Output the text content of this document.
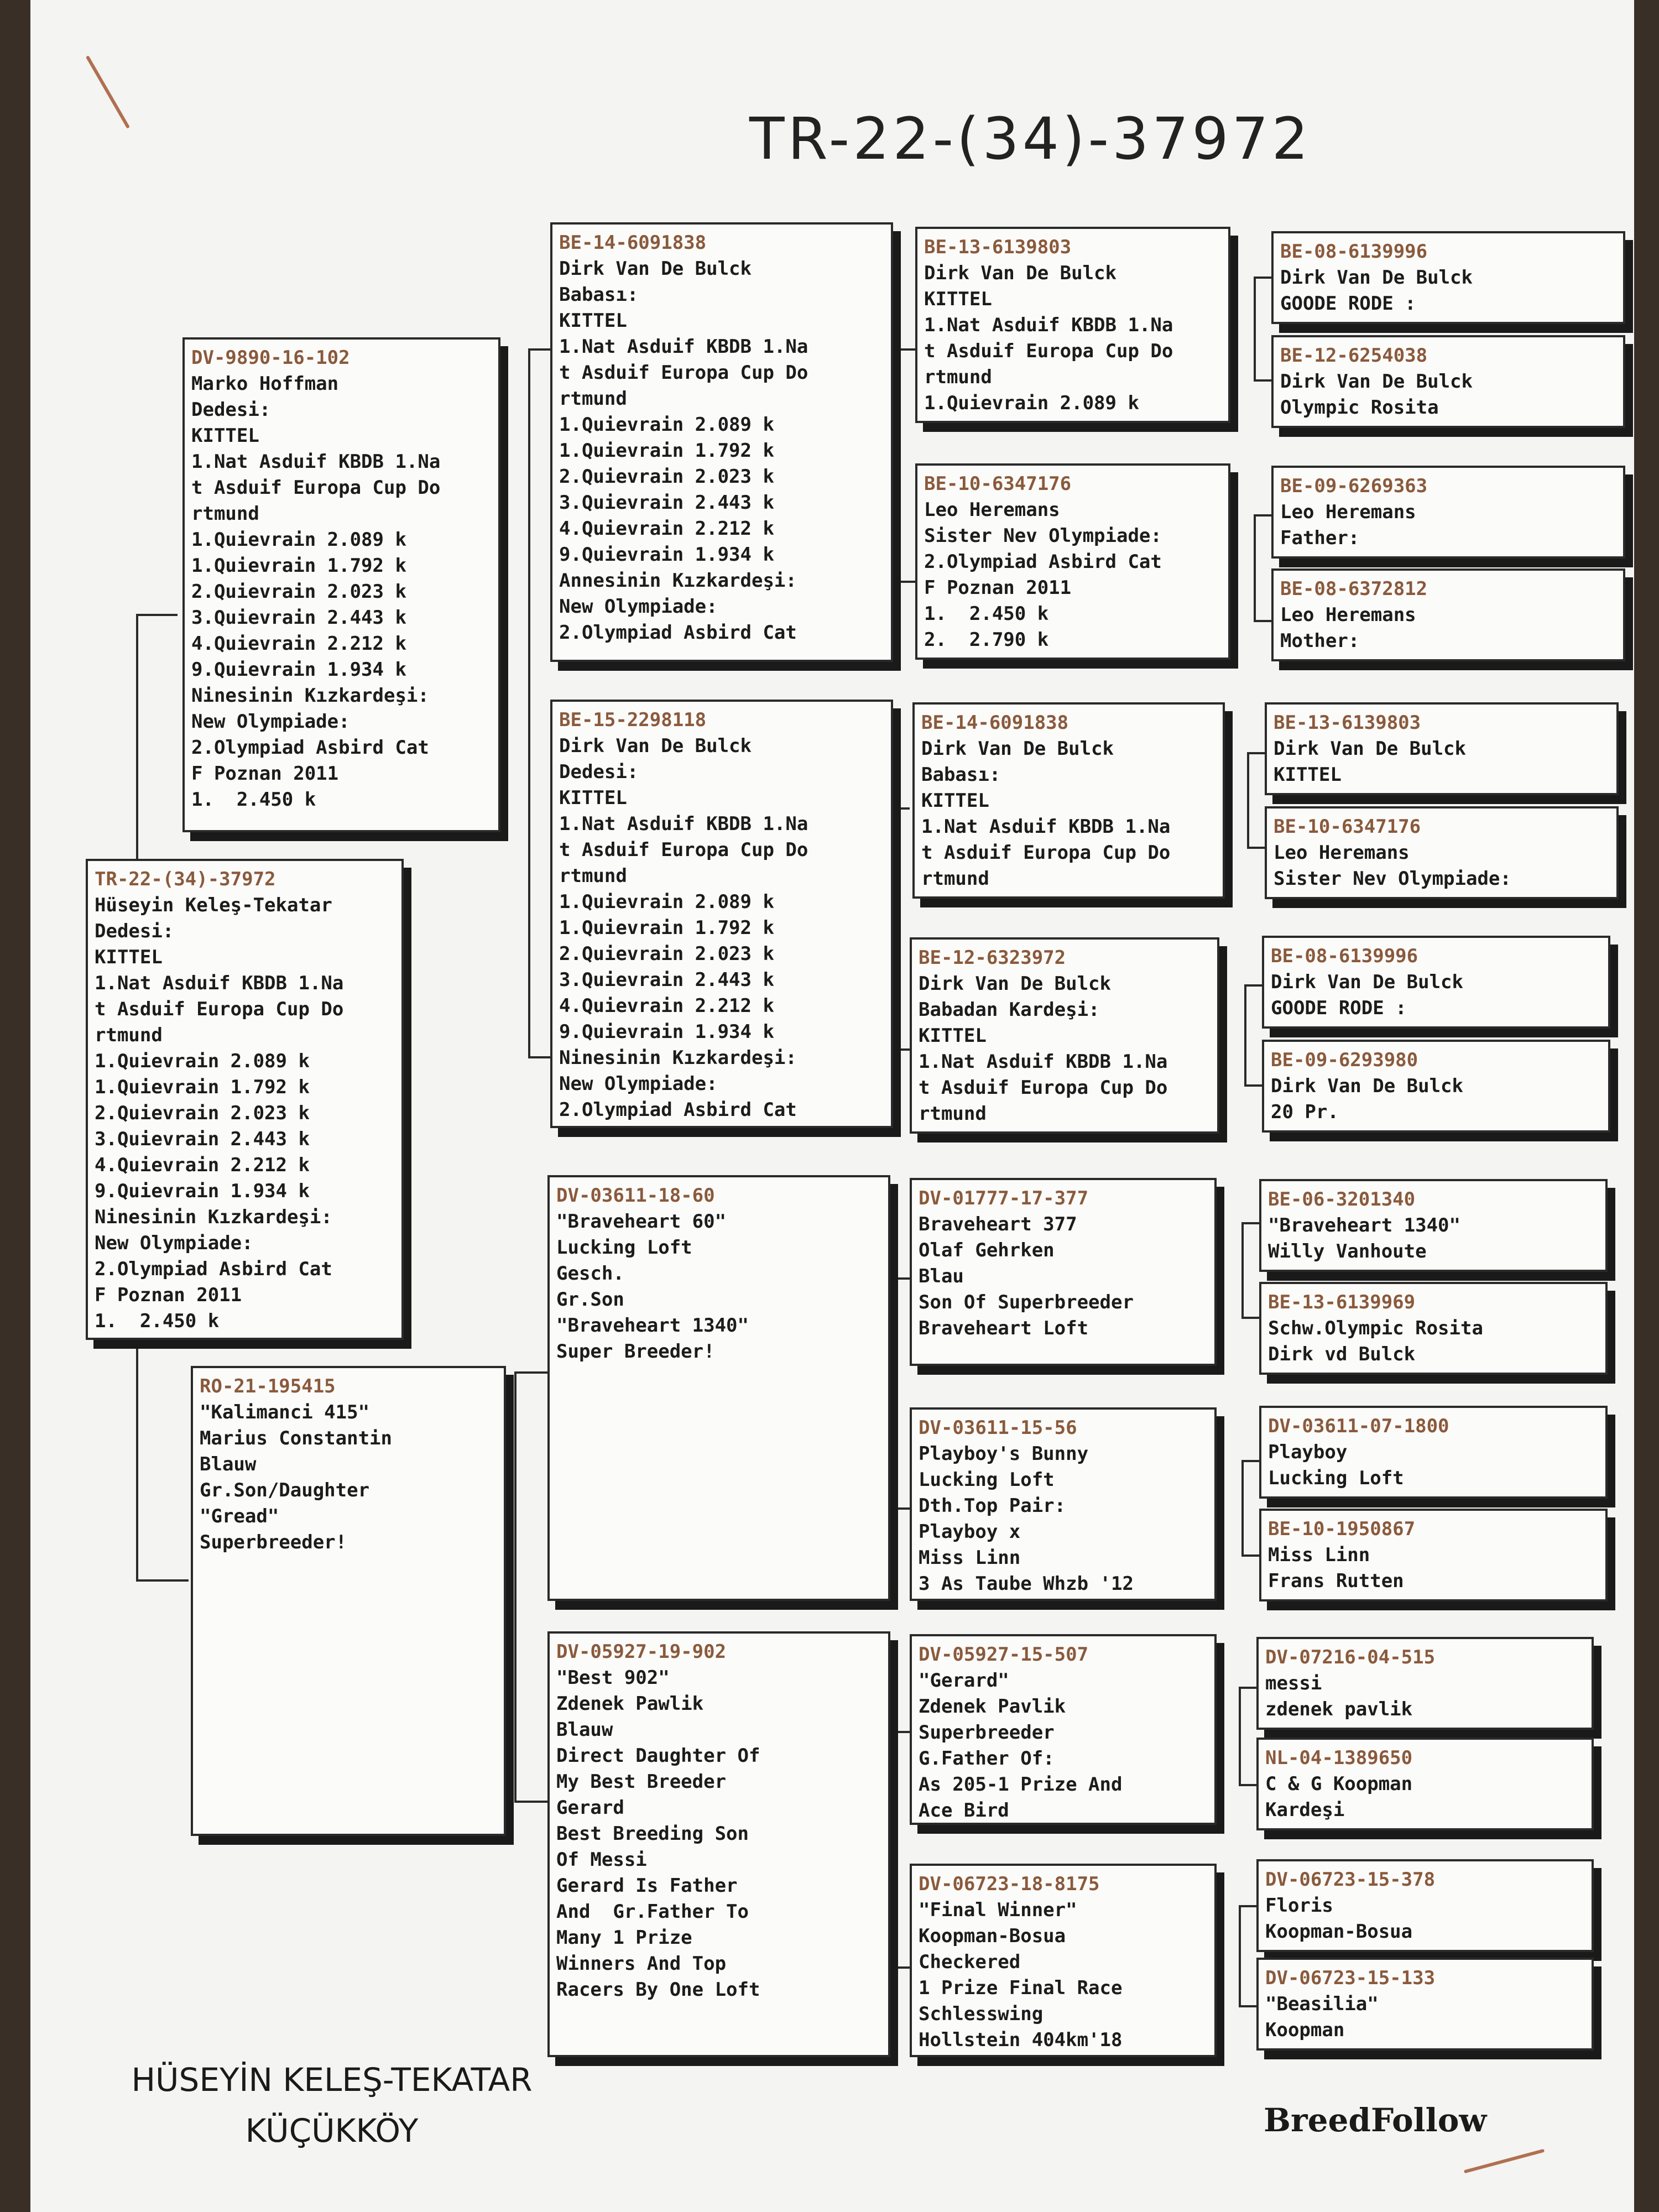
TR-22-(34)-37972
TR-22-(34)-37972
Hüseyin Keleş-Tekatar
Dedesi:
KITTEL
1.Nat Asduif KBDB 1.Na
t Asduif Europa Cup Do
rtmund
1.Quievrain 2.089 k
1.Quievrain 1.792 k
2.Quievrain 2.023 k
3.Quievrain 2.443 k
4.Quievrain 2.212 k
9.Quievrain 1.934 k
Ninesinin Kızkardeşi:
New Olympiade:
2.Olympiad Asbird Cat
F Poznan 2011
1.  2.450 k
DV-9890-16-102
Marko Hoffman
Dedesi:
KITTEL
1.Nat Asduif KBDB 1.Na
t Asduif Europa Cup Do
rtmund
1.Quievrain 2.089 k
1.Quievrain 1.792 k
2.Quievrain 2.023 k
3.Quievrain 2.443 k
4.Quievrain 2.212 k
9.Quievrain 1.934 k
Ninesinin Kızkardeşi:
New Olympiade:
2.Olympiad Asbird Cat
F Poznan 2011
1.  2.450 k
RO-21-195415
"Kalimanci 415"
Marius Constantin
Blauw
Gr.Son/Daughter
"Gread"
Superbreeder!
BE-14-6091838
Dirk Van De Bulck
Babası:
KITTEL
1.Nat Asduif KBDB 1.Na
t Asduif Europa Cup Do
rtmund
1.Quievrain 2.089 k
1.Quievrain 1.792 k
2.Quievrain 2.023 k
3.Quievrain 2.443 k
4.Quievrain 2.212 k
9.Quievrain 1.934 k
Annesinin Kızkardeşi:
New Olympiade:
2.Olympiad Asbird Cat
BE-15-2298118
Dirk Van De Bulck
Dedesi:
KITTEL
1.Nat Asduif KBDB 1.Na
t Asduif Europa Cup Do
rtmund
1.Quievrain 2.089 k
1.Quievrain 1.792 k
2.Quievrain 2.023 k
3.Quievrain 2.443 k
4.Quievrain 2.212 k
9.Quievrain 1.934 k
Ninesinin Kızkardeşi:
New Olympiade:
2.Olympiad Asbird Cat
DV-03611-18-60
"Braveheart 60"
Lucking Loft
Gesch.
Gr.Son
"Braveheart 1340"
Super Breeder!
DV-05927-19-902
"Best 902"
Zdenek Pawlik
Blauw
Direct Daughter Of
My Best Breeder
Gerard
Best Breeding Son
Of Messi
Gerard Is Father
And  Gr.Father To
Many 1 Prize
Winners And Top
Racers By One Loft
BE-13-6139803
Dirk Van De Bulck
KITTEL
1.Nat Asduif KBDB 1.Na
t Asduif Europa Cup Do
rtmund
1.Quievrain 2.089 k
BE-10-6347176
Leo Heremans
Sister Nev Olympiade:
2.Olympiad Asbird Cat
F Poznan 2011
1.  2.450 k
2.  2.790 k
BE-14-6091838
Dirk Van De Bulck
Babası:
KITTEL
1.Nat Asduif KBDB 1.Na
t Asduif Europa Cup Do
rtmund
BE-12-6323972
Dirk Van De Bulck
Babadan Kardeşi:
KITTEL
1.Nat Asduif KBDB 1.Na
t Asduif Europa Cup Do
rtmund
DV-01777-17-377
Braveheart 377
Olaf Gehrken
Blau
Son Of Superbreeder
Braveheart Loft
DV-03611-15-56
Playboy's Bunny
Lucking Loft
Dth.Top Pair:
Playboy x
Miss Linn
3 As Taube Whzb '12
DV-05927-15-507
"Gerard"
Zdenek Pavlik
Superbreeder
G.Father Of:
As 205-1 Prize And
Ace Bird
DV-06723-18-8175
"Final Winner"
Koopman-Bosua
Checkered
1 Prize Final Race
Schlesswing
Hollstein 404km'18
BE-08-6139996
Dirk Van De Bulck
GOODE RODE :
BE-12-6254038
Dirk Van De Bulck
Olympic Rosita
BE-09-6269363
Leo Heremans
Father:
BE-08-6372812
Leo Heremans
Mother:
BE-13-6139803
Dirk Van De Bulck
KITTEL
BE-10-6347176
Leo Heremans
Sister Nev Olympiade:
BE-08-6139996
Dirk Van De Bulck
GOODE RODE :
BE-09-6293980
Dirk Van De Bulck
20 Pr.
BE-06-3201340
"Braveheart 1340"
Willy Vanhoute
BE-13-6139969
Schw.Olympic Rosita
Dirk vd Bulck
DV-03611-07-1800
Playboy
Lucking Loft
BE-10-1950867
Miss Linn
Frans Rutten
DV-07216-04-515
messi
zdenek pavlik
NL-04-1389650
C & G Koopman
Kardeşi
DV-06723-15-378
Floris
Koopman-Bosua
DV-06723-15-133
"Beasilia"
Koopman
HÜSEYİN KELEŞ-TEKATAR
KÜÇÜKKÖY	BreedFollow
